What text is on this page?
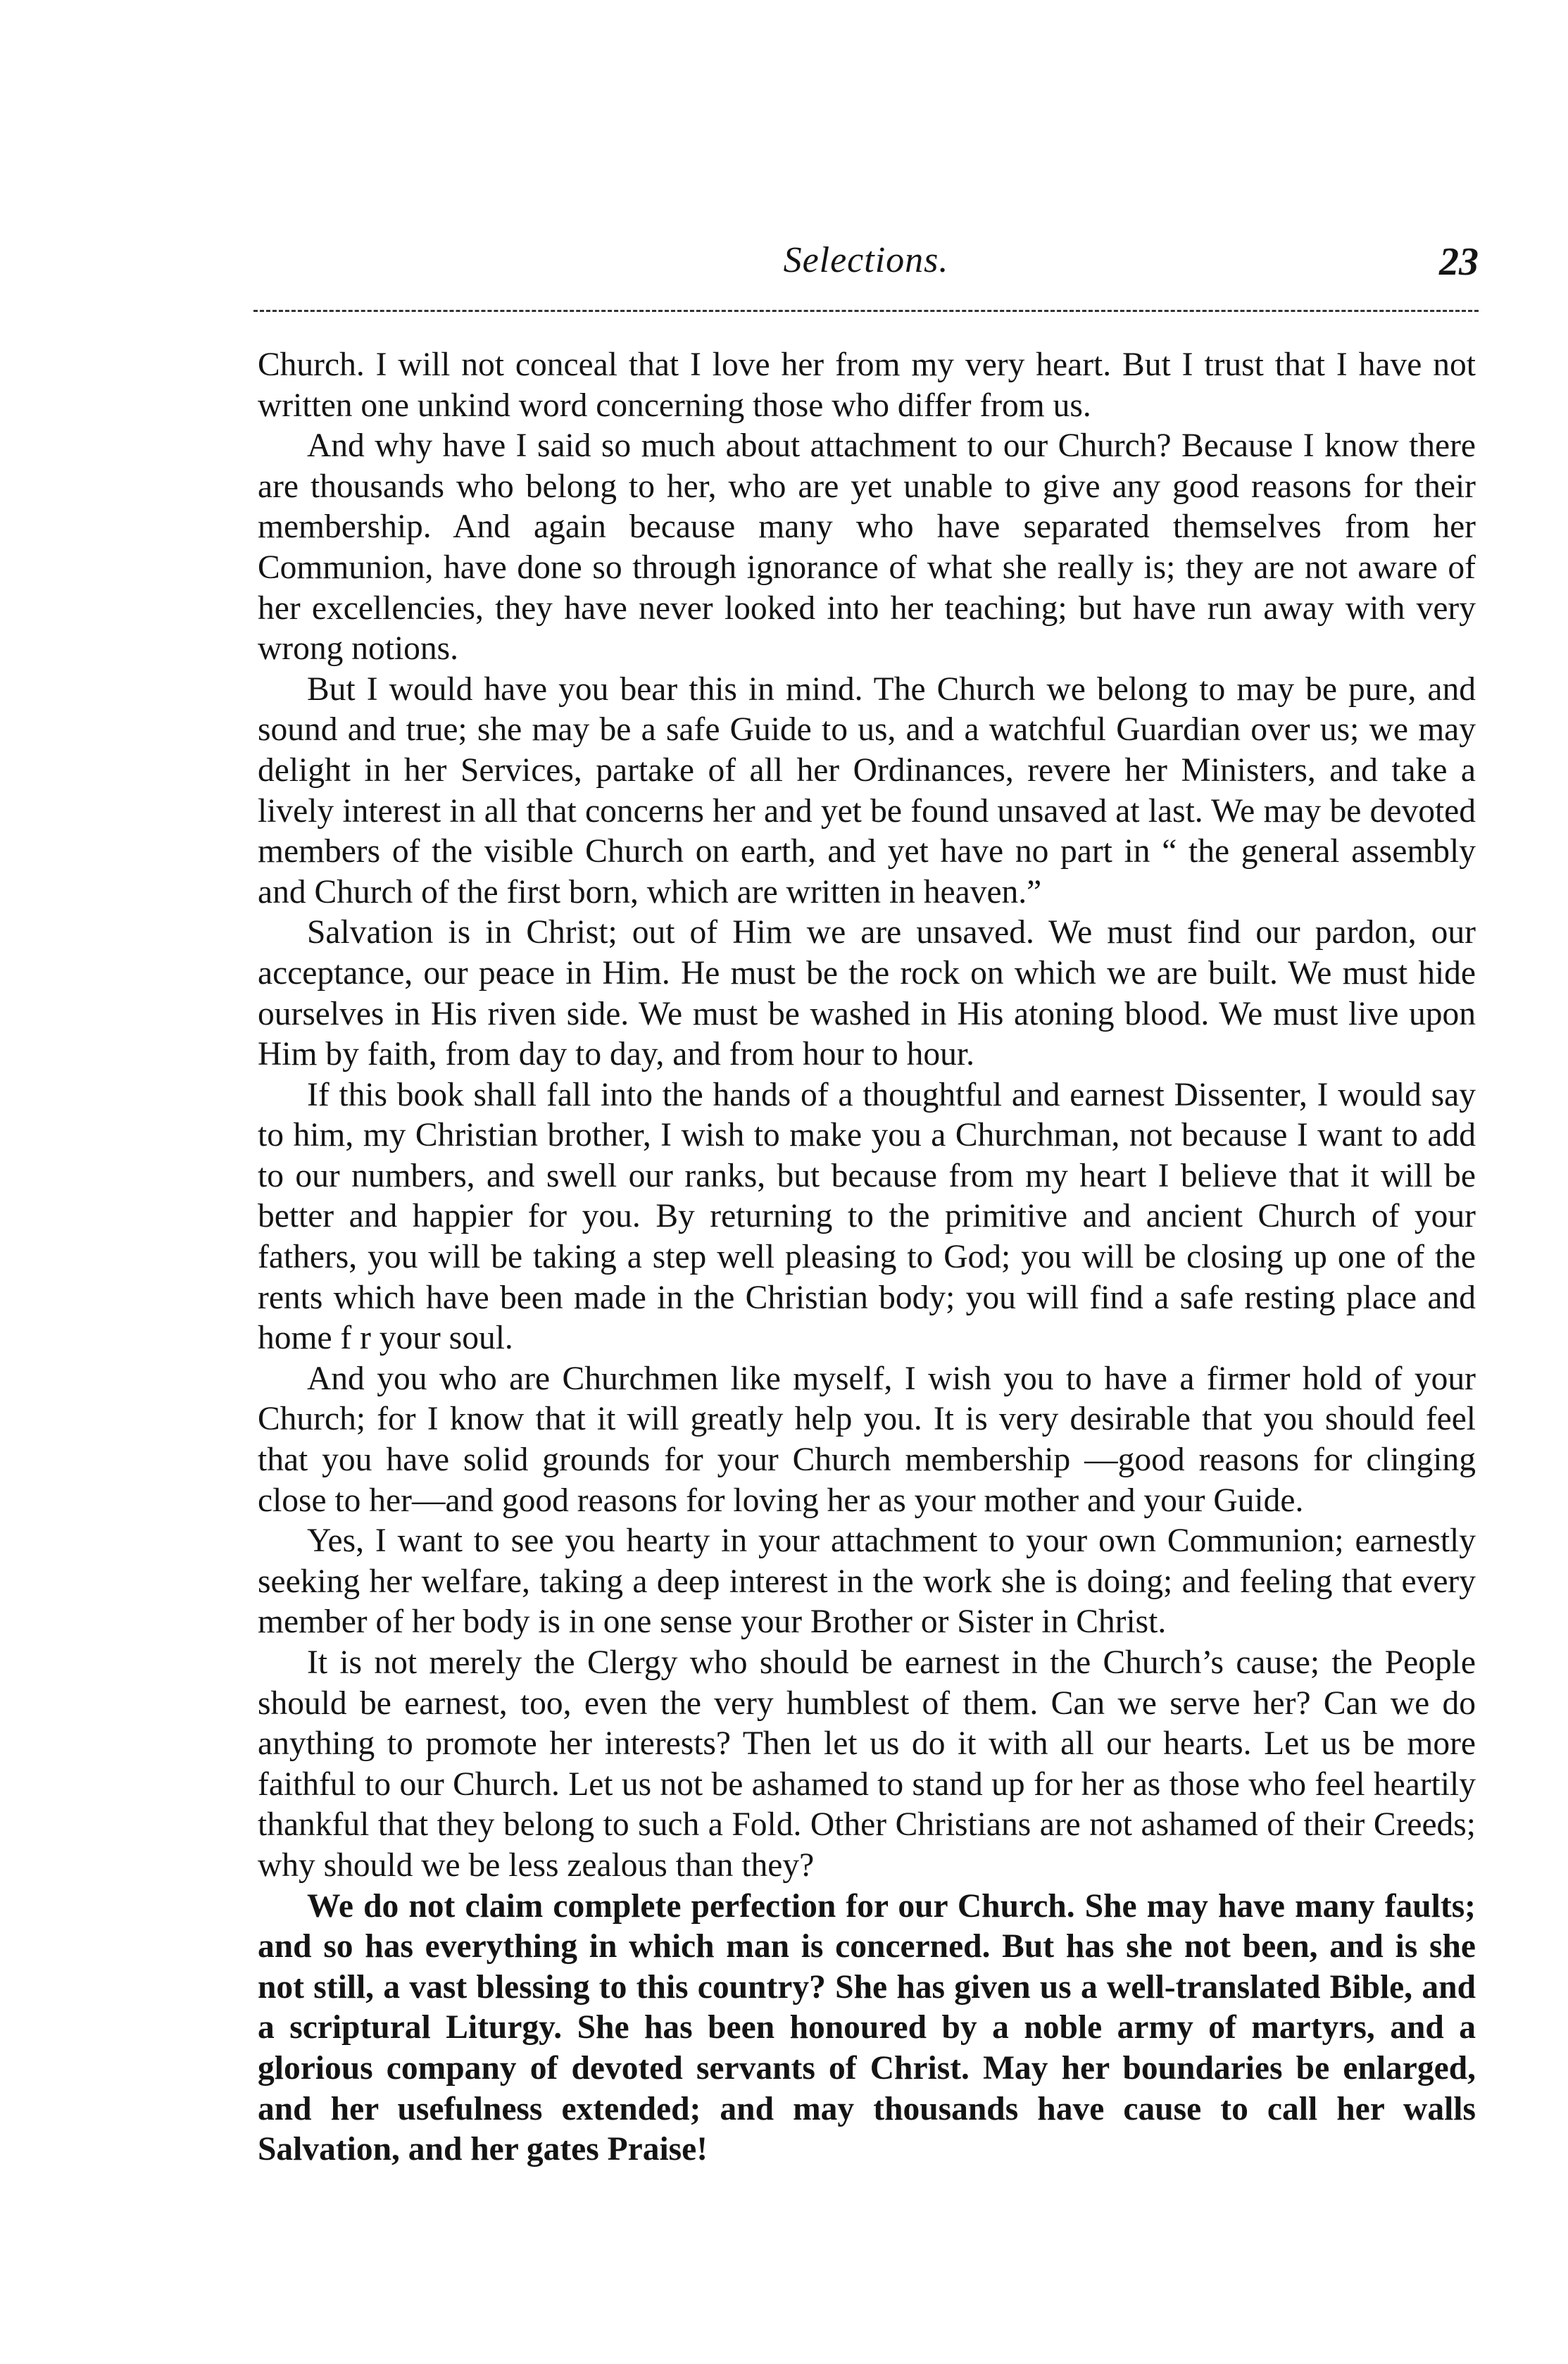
Selections.	23

Church. I will not conceal that I love her from my very heart. But I trust that I have not written one unkind word concerning those who differ from us.

And why have I said so much about attachment to our Church? Because I know there are thousands who belong to her, who are yet unable to give any good reasons for their membership. And again because many who have separated themselves from her Communion, have done so through ignorance of what she really is; they are not aware of her excellencies, they have never looked into her teaching; but have run away with very wrong notions.

But I would have you bear this in mind. The Church we belong to may be pure, and sound and true; she may be a safe Guide to us, and a watchful Guardian over us; we may delight in her Services, partake of all her Ordinances, revere her Ministers, and take a lively interest in all that concerns her and yet be found unsaved at last. We may be devoted members of the visible Church on earth, and yet have no part in “ the general assembly and Church of the first born, which are written in heaven.”

Salvation is in Christ; out of Him we are unsaved. We must find our pardon, our acceptance, our peace in Him. He must be the rock on which we are built. We must hide ourselves in His riven side. We must be washed in His atoning blood. We must live upon Him by faith, from day to day, and from hour to hour.

If this book shall fall into the hands of a thoughtful and earnest Dissenter, I would say to him, my Christian brother, I wish to make you a Churchman, not because I want to add to our numbers, and swell our ranks, but because from my heart I believe that it will be better and happier for you. By returning to the primitive and ancient Church of your fathers, you will be taking a step well pleasing to God; you will be closing up one of the rents which have been made in the Christian body; you will find a safe resting place and home f r your soul.

And you who are Churchmen like myself, I wish you to have a firmer hold of your Church; for I know that it will greatly help you. It is very desirable that you should feel that you have solid grounds for your Church membership —good reasons for clinging close to her—and good reasons for loving her as your mother and your Guide.

Yes, I want to see you hearty in your attachment to your own Communion; earnestly seeking her welfare, taking a deep interest in the work she is doing; and feeling that every member of her body is in one sense your Brother or Sister in Christ.

It is not merely the Clergy who should be earnest in the Church’s cause; the People should be earnest, too, even the very humblest of them. Can we serve her? Can we do anything to promote her interests? Then let us do it with all our hearts. Let us be more faithful to our Church. Let us not be ashamed to stand up for her as those who feel heartily thankful that they belong to such a Fold. Other Christians are not ashamed of their Creeds; why should we be less zealous than they?

We do not claim complete perfection for our Church. She may have many faults; and so has everything in which man is concerned. But has she not been, and is she not still, a vast blessing to this country? She has given us a well-translated Bible, and a scriptural Liturgy. She has been honoured by a noble army of martyrs, and a glorious company of devoted servants of Christ. May her boundaries be enlarged, and her usefulness extended; and may thousands have cause to call her walls Salvation, and her gates Praise!
